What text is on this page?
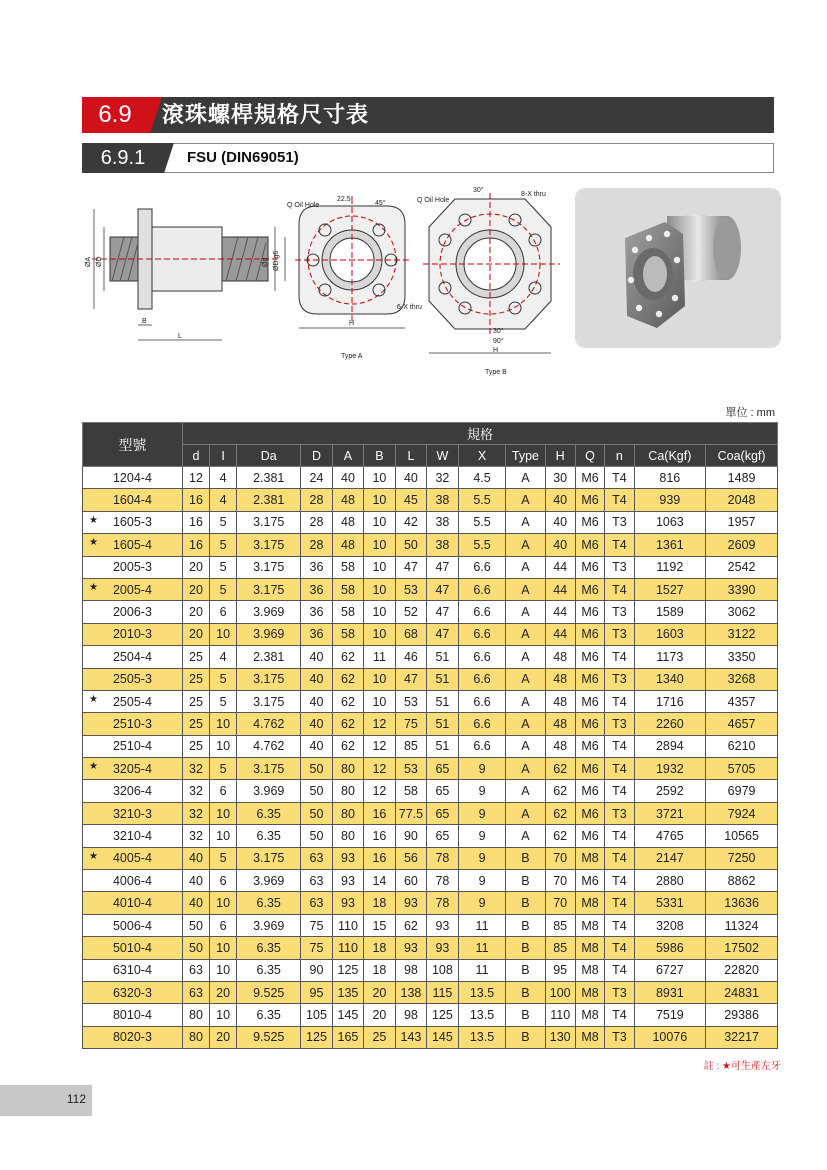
6.9	滾珠螺桿規格尺寸表
6.9.1	FSU (DIN69051)
ØA ØD	Ød ØD g6
B
L
Q Oil Hole
22.5°
45°
6-X thru
H
Type A
Q Oil Hole
30°
8-X thru
30°
90°
H
Type B
單位 : mm
型號	規格														
	d	I	Da	D	A	B	L	W	X	Type	H	Q	n	Ca(Kgf)	Coa(kgf)
1204-4	12	4	2.381	24	40	10	40	32	4.5	A	30	M6	T4	816	1489
1604-4	16	4	2.381	28	48	10	45	38	5.5	A	40	M6	T4	939	2048

★ 1605-3	16	5	3.175	28	48	10	42	38	5.5	A	40	M6	T3	1063	1957

★ 1605-4	16	5	3.175	28	48	10	50	38	5.5	A	40	M6	T4	1361	2609
2005-3	20	5	3.175	36	58	10	47	47	6.6	A	44	M6	T3	1192	2542

★ 2005-4	20	5	3.175	36	58	10	53	47	6.6	A	44	M6	T4	1527	3390
2006-3	20	6	3.969	36	58	10	52	47	6.6	A	44	M6	T3	1589	3062
2010-3	20	10	3.969	36	58	10	68	47	6.6	A	44	M6	T3	1603	3122
2504-4	25	4	2.381	40	62	11	46	51	6.6	A	48	M6	T4	1173	3350
2505-3	25	5	3.175	40	62	10	47	51	6.6	A	48	M6	T3	1340	3268

★ 2505-4	25	5	3.175	40	62	10	53	51	6.6	A	48	M6	T4	1716	4357
2510-3	25	10	4.762	40	62	12	75	51	6.6	A	48	M6	T3	2260	4657
2510-4	25	10	4.762	40	62	12	85	51	6.6	A	48	M6	T4	2894	6210

★ 3205-4	32	5	3.175	50	80	12	53	65	9	A	62	M6	T4	1932	5705
3206-4	32	6	3.969	50	80	12	58	65	9	A	62	M6	T4	2592	6979
3210-3	32	10	6.35	50	80	16	77.5	65	9	A	62	M6	T3	3721	7924
3210-4	32	10	6.35	50	80	16	90	65	9	A	62	M6	T4	4765	10565

★ 4005-4	40	5	3.175	63	93	16	56	78	9	B	70	M8	T4	2147	7250
4006-4	40	6	3.969	63	93	14	60	78	9	B	70	M6	T4	2880	8862
4010-4	40	10	6.35	63	93	18	93	78	9	B	70	M8	T4	5331	13636
5006-4	50	6	3.969	75	110	15	62	93	11	B	85	M8	T4	3208	11324
5010-4	50	10	6.35	75	110	18	93	93	11	B	85	M8	T4	5986	17502
6310-4	63	10	6.35	90	125	18	98	108	11	B	95	M8	T4	6727	22820
6320-3	63	20	9.525	95	135	20	138	115	13.5	B	100	M8	T3	8931	24831
8010-4	80	10	6.35	105	145	20	98	125	13.5	B	110	M8	T4	7519	29386
8020-3	80	20	9.525	125	165	25	143	145	13.5	B	130	M8	T3	10076	32217
註 : ★可生產左牙
112
